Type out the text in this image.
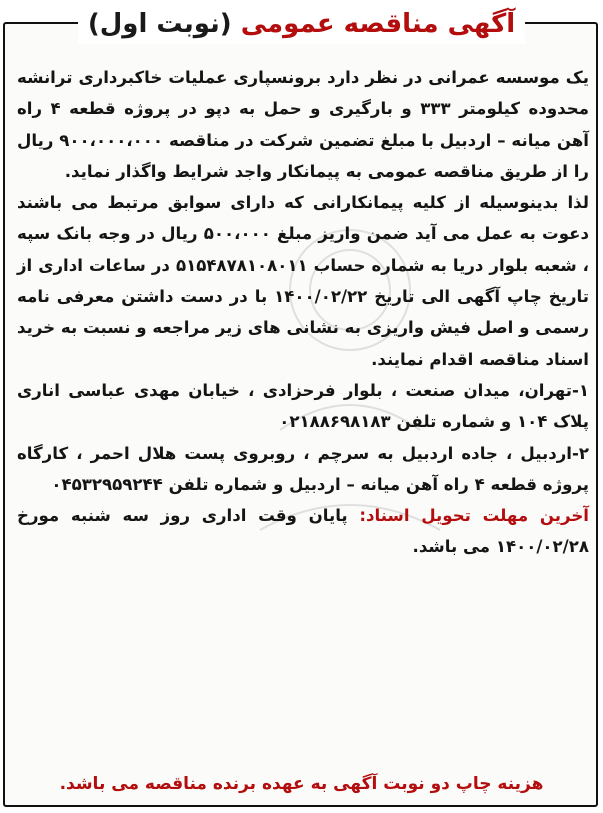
آگهی مناقصه عمومی (نوبت اول)

یک موسسه عمرانی در نظر دارد برونسپاری عملیات خاکبرداری ترانشه محدوده کیلومتر ۳۳۳ و بارگیری و حمل به دپو در پروژه قطعه ۴ راه آهن میانه – اردبیل با مبلغ تضمین شرکت در مناقصه ۹۰۰،۰۰۰،۰۰۰ ریال را از طریق مناقصه عمومی به پیمانکار واجد شرایط واگذار نماید.

لذا بدینوسیله از کلیه پیمانکارانی که دارای سوابق مرتبط می باشند دعوت به عمل می آید ضمن واریز مبلغ ۵۰۰،۰۰۰ ریال در وجه بانک سپه ، شعبه بلوار دریا به شماره حساب ۵۱۵۴۸۷۸۱۰۸۰۱۱ در ساعات اداری از تاریخ چاپ آگهی الی تاریخ ۱۴۰۰/۰۲/۲۲ با در دست داشتن معرفی نامه رسمی و اصل فیش واریزی به نشانی های زیر مراجعه و نسبت به خرید اسناد مناقصه اقدام نمایند.

۱-تهران، میدان صنعت ، بلوار فرحزادی ، خیابان مهدی عباسی اناری پلاک ۱۰۴ و شماره تلفن ۰۲۱۸۸۶۹۸۱۸۳

۲-اردبیل ، جاده اردبیل به سرچم ، روبروی پست هلال احمر ، کارگاه پروژه قطعه ۴ راه آهن میانه – اردبیل و شماره تلفن ۰۴۵۳۲۹۵۹۲۴۴

آخرین مهلت تحویل اسناد: پایان وقت اداری روز سه شنبه مورخ ۱۴۰۰/۰۲/۲۸ می باشد.

هزینه چاپ دو نوبت آگهی به عهده برنده مناقصه می باشد.
